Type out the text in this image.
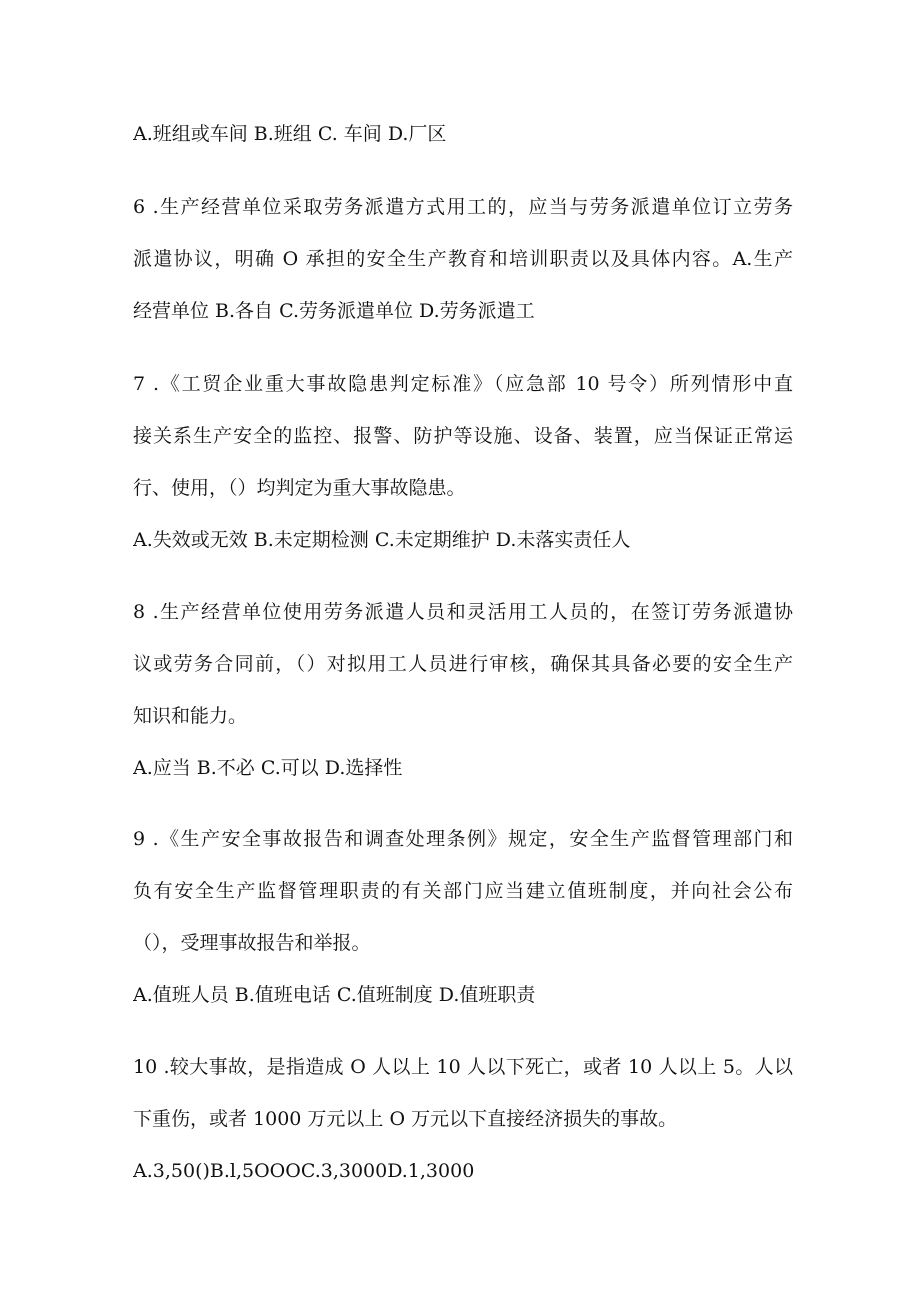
A.班组或车间 B.班组 C. 车间 D.厂区
6 .生产经营单位采取劳务派遣方式用工的，应当与劳务派遣单位订立劳务
派遣协议，明确 O 承担的安全生产教育和培训职责以及具体内容。A.生产
经营单位 B.各自 C.劳务派遣单位 D.劳务派遣工
7 .《工贸企业重大事故隐患判定标准》（应急部 10 号令）所列情形中直
接关系生产安全的监控、报警、防护等设施、设备、装置，应当保证正常运
行、使用，（）均判定为重大事故隐患。
A.失效或无效 B.未定期检测 C.未定期维护 D.未落实责任人
8 .生产经营单位使用劳务派遣人员和灵活用工人员的，在签订劳务派遣协
议或劳务合同前，（）对拟用工人员进行审核，确保其具备必要的安全生产
知识和能力。
A.应当 B.不必 C.可以 D.选择性
9 .《生产安全事故报告和调查处理条例》规定，安全生产监督管理部门和
负有安全生产监督管理职责的有关部门应当建立值班制度，并向社会公布
（），受理事故报告和举报。
A.值班人员 B.值班电话 C.值班制度 D.值班职责
10 .较大事故，是指造成 O 人以上 10 人以下死亡，或者 10 人以上 5。人以
下重伤，或者 1000 万元以上 O 万元以下直接经济损失的事故。
A.3,50()B.l,5OOOC.3,3000D.1,3000
